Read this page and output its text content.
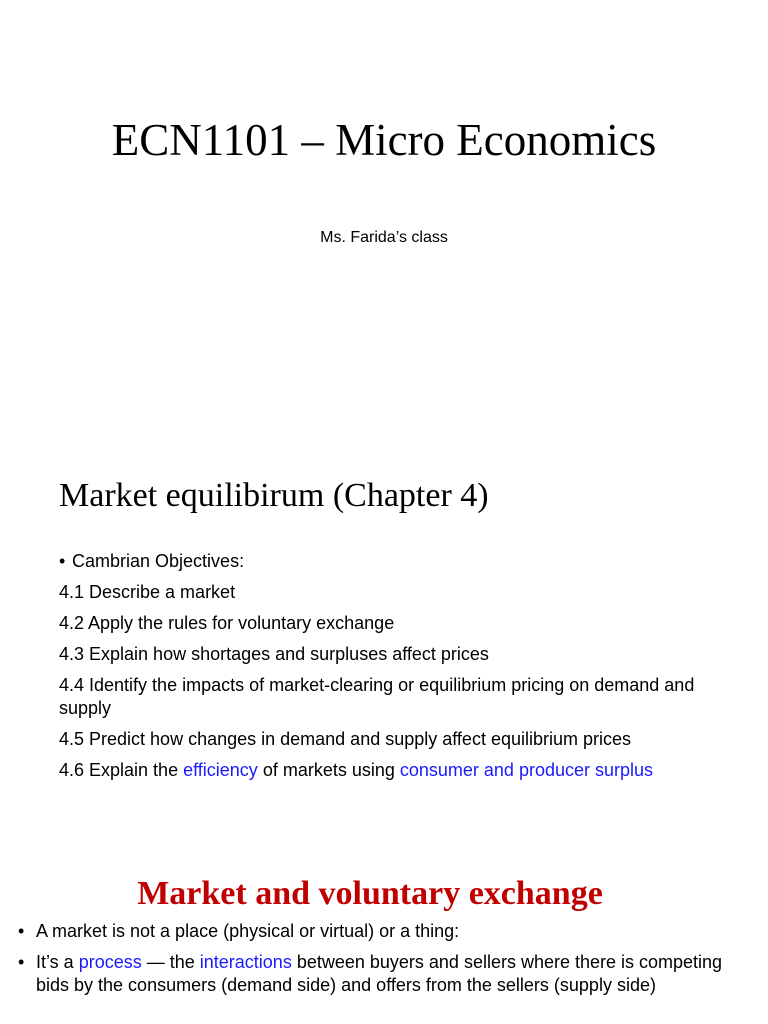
ECN1101 – Micro Economics
Ms. Farida’s class
Market equilibirum (Chapter 4)
• Cambrian Objectives:
4.1 Describe a market
4.2 Apply the rules for voluntary exchange
4.3 Explain how shortages and surpluses affect prices
4.4 Identify the impacts of market-clearing or equilibrium pricing on demand and supply
4.5 Predict how changes in demand and supply affect equilibrium prices
4.6 Explain the efficiency of markets using consumer and producer surplus
Market and voluntary exchange
• A market is not a place (physical or virtual) or a thing:
• It’s a process — the interactions between buyers and sellers where there is competing bids by the consumers (demand side) and offers from the sellers (supply side)
